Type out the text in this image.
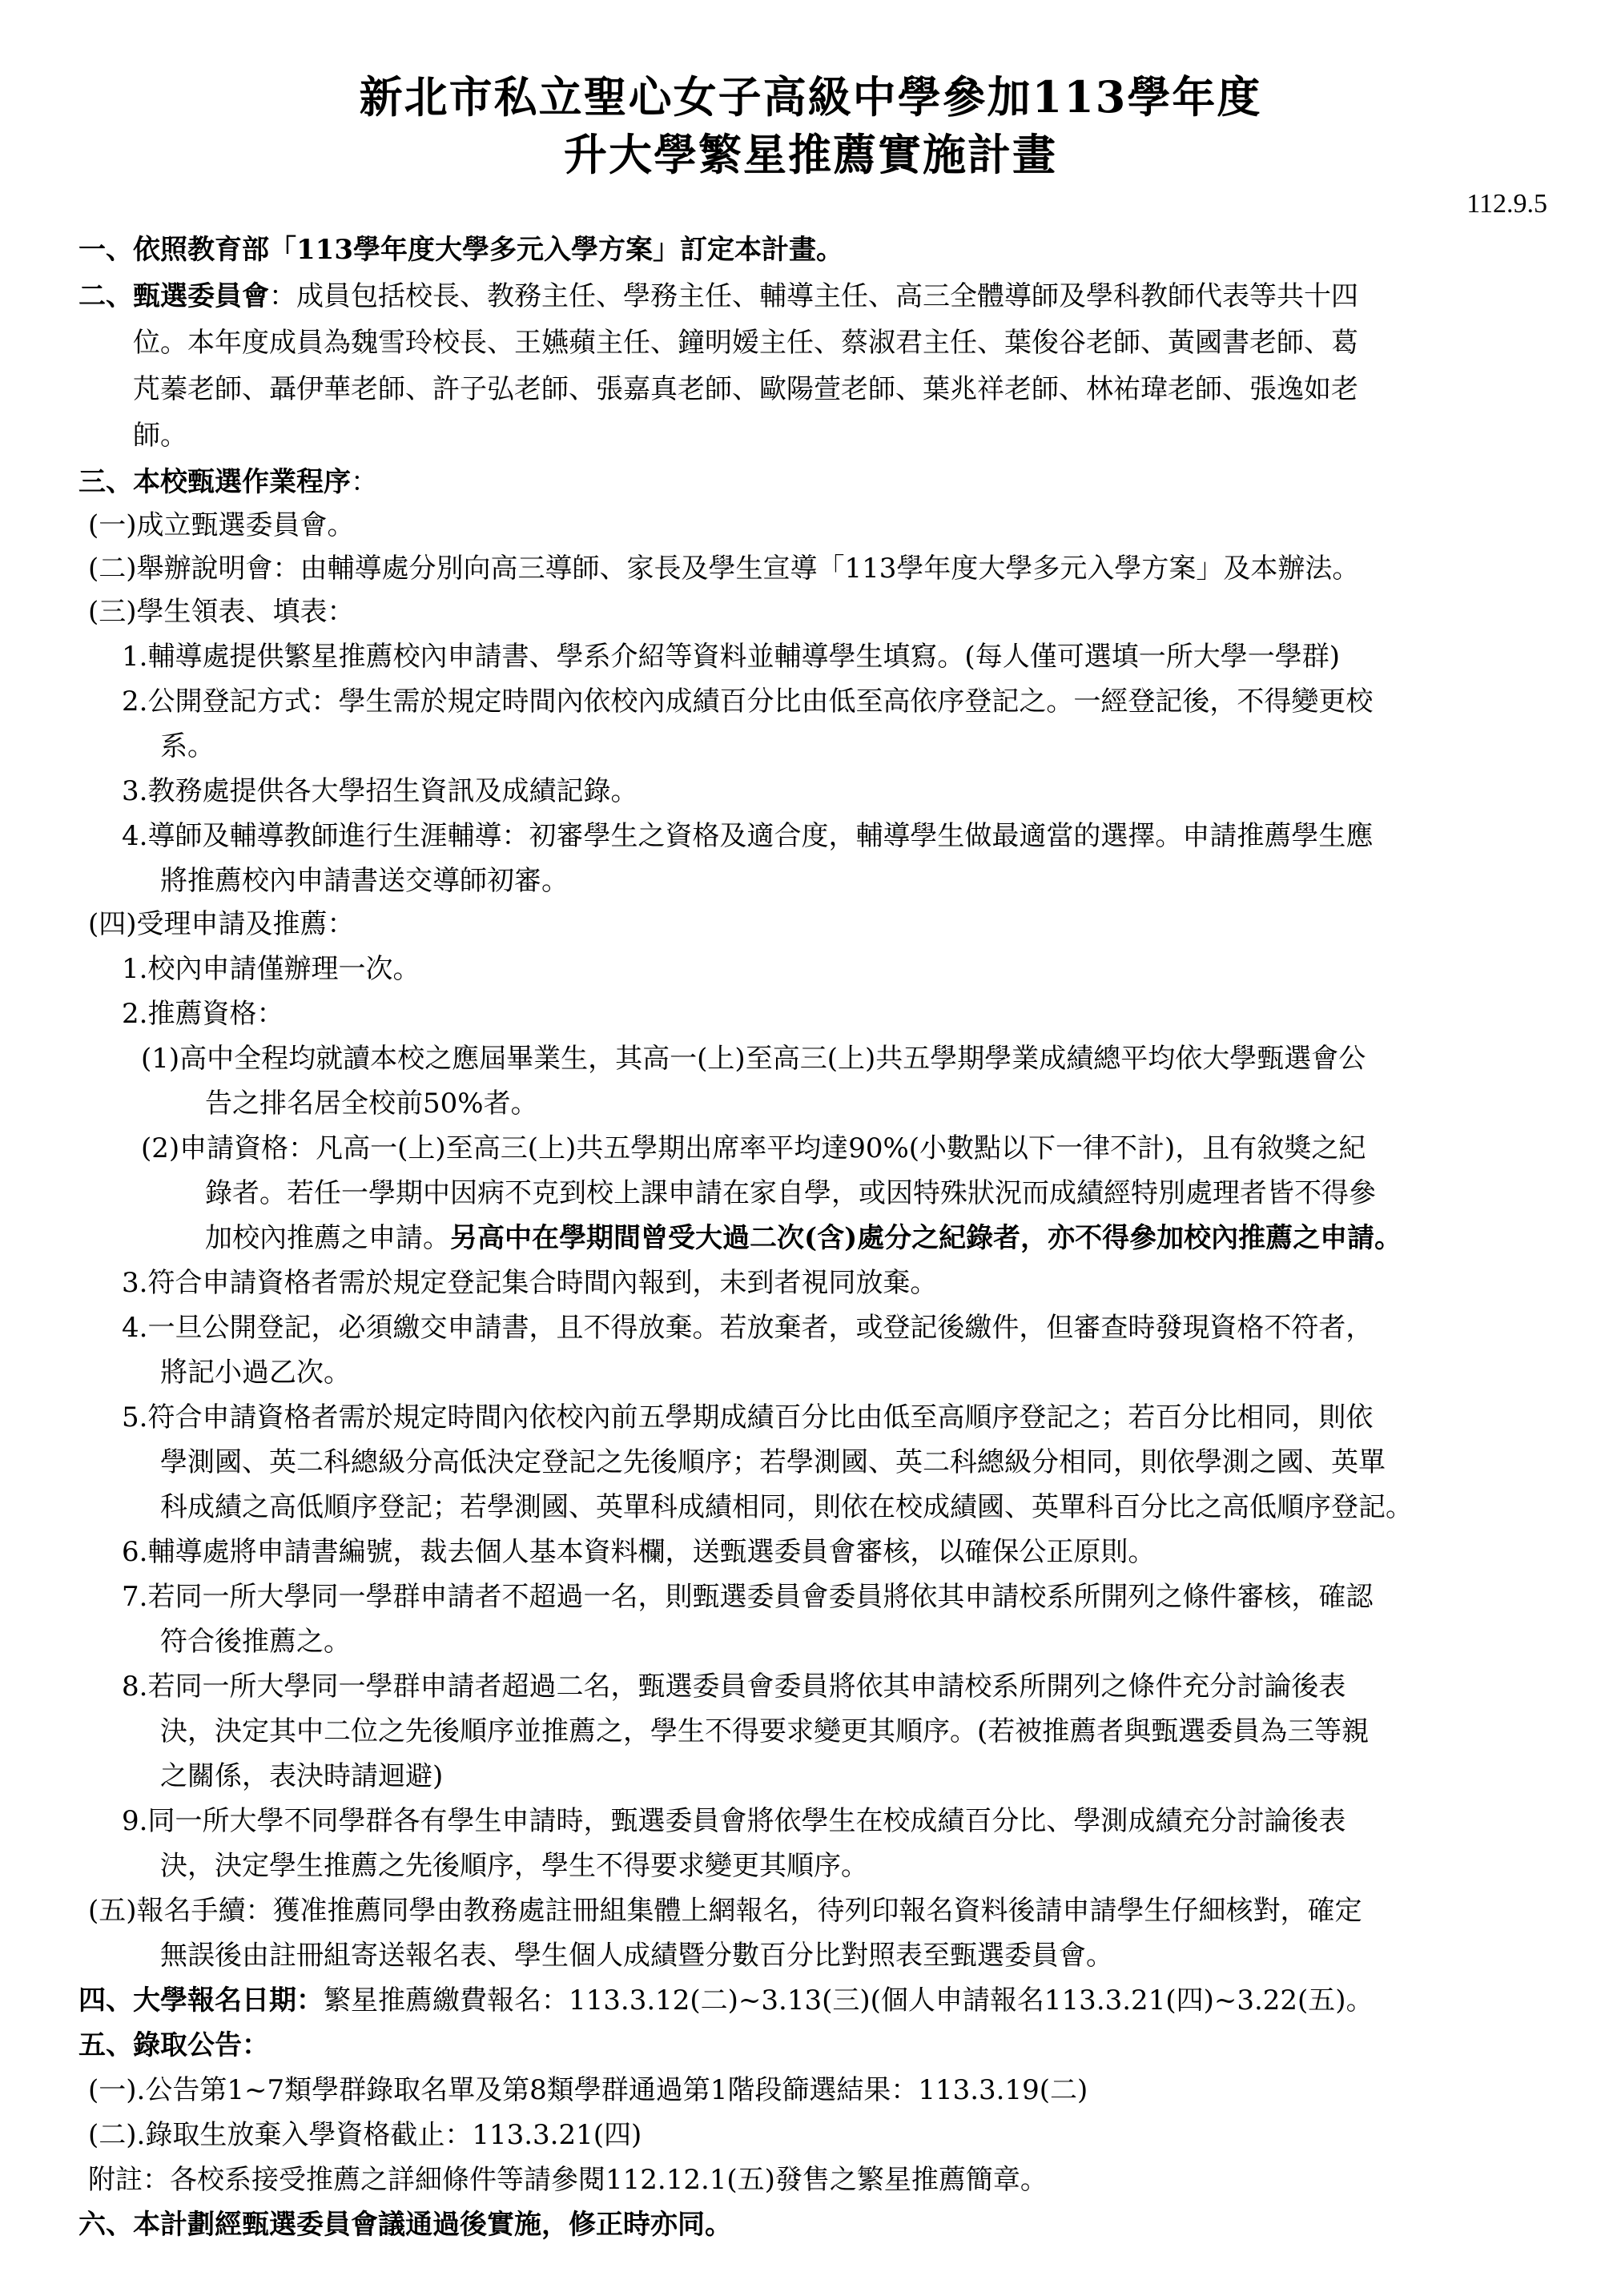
新北市私立聖心女子高級中學參加113學年度
升大學繁星推薦實施計畫
112.9.5
一、依照教育部「113學年度大學多元入學方案」訂定本計畫。
二、甄選委員會：成員包括校長、教務主任、學務主任、輔導主任、高三全體導師及學科教師代表等共十四
位。本年度成員為魏雪玲校長、王嬿蘋主任、鐘明嫒主任、蔡淑君主任、葉俊谷老師、黃國書老師、葛
芃蓁老師、聶伊華老師、許子弘老師、張嘉真老師、歐陽萱老師、葉兆祥老師、林祐瑋老師、張逸如老
師。
三、本校甄選作業程序：
(一)成立甄選委員會。
(二)舉辦說明會：由輔導處分別向高三導師、家長及學生宣導「113學年度大學多元入學方案」及本辦法。
(三)學生領表、填表：
1.輔導處提供繁星推薦校內申請書、學系介紹等資料並輔導學生填寫。(每人僅可選填一所大學一學群)
2.公開登記方式：學生需於規定時間內依校內成績百分比由低至高依序登記之。一經登記後，不得變更校
系。
3.教務處提供各大學招生資訊及成績記錄。
4.導師及輔導教師進行生涯輔導：初審學生之資格及適合度，輔導學生做最適當的選擇。申請推薦學生應
將推薦校內申請書送交導師初審。
(四)受理申請及推薦：
1.校內申請僅辦理一次。
2.推薦資格：
(1)高中全程均就讀本校之應屆畢業生，其高一(上)至高三(上)共五學期學業成績總平均依大學甄選會公
告之排名居全校前50%者。
(2)申請資格：凡高一(上)至高三(上)共五學期出席率平均達90%(小數點以下一律不計)，且有敘獎之紀
錄者。若任一學期中因病不克到校上課申請在家自學，或因特殊狀況而成績經特別處理者皆不得參
加校內推薦之申請。另高中在學期間曾受大過二次(含)處分之紀錄者，亦不得參加校內推薦之申請。
3.符合申請資格者需於規定登記集合時間內報到，未到者視同放棄。
4.一旦公開登記，必須繳交申請書，且不得放棄。若放棄者，或登記後繳件，但審查時發現資格不符者，
將記小過乙次。
5.符合申請資格者需於規定時間內依校內前五學期成績百分比由低至高順序登記之；若百分比相同，則依
學測國、英二科總級分高低決定登記之先後順序；若學測國、英二科總級分相同，則依學測之國、英單
科成績之高低順序登記；若學測國、英單科成績相同，則依在校成績國、英單科百分比之高低順序登記。
6.輔導處將申請書編號，裁去個人基本資料欄，送甄選委員會審核，以確保公正原則。
7.若同一所大學同一學群申請者不超過一名，則甄選委員會委員將依其申請校系所開列之條件審核，確認
符合後推薦之。
8.若同一所大學同一學群申請者超過二名，甄選委員會委員將依其申請校系所開列之條件充分討論後表
決，決定其中二位之先後順序並推薦之，學生不得要求變更其順序。(若被推薦者與甄選委員為三等親
之關係，表決時請迴避)
9.同一所大學不同學群各有學生申請時，甄選委員會將依學生在校成績百分比、學測成績充分討論後表
決，決定學生推薦之先後順序，學生不得要求變更其順序。
(五)報名手續：獲准推薦同學由教務處註冊組集體上網報名，待列印報名資料後請申請學生仔細核對，確定
無誤後由註冊組寄送報名表、學生個人成績暨分數百分比對照表至甄選委員會。
四、大學報名日期：繁星推薦繳費報名：113.3.12(二)~3.13(三)(個人申請報名113.3.21(四)~3.22(五)。
五、錄取公告：
(一).公告第1~7類學群錄取名單及第8類學群通過第1階段篩選結果：113.3.19(二)
(二).錄取生放棄入學資格截止：113.3.21(四)
附註：各校系接受推薦之詳細條件等請參閱112.12.1(五)發售之繁星推薦簡章。
六、本計劃經甄選委員會議通過後實施，修正時亦同。
